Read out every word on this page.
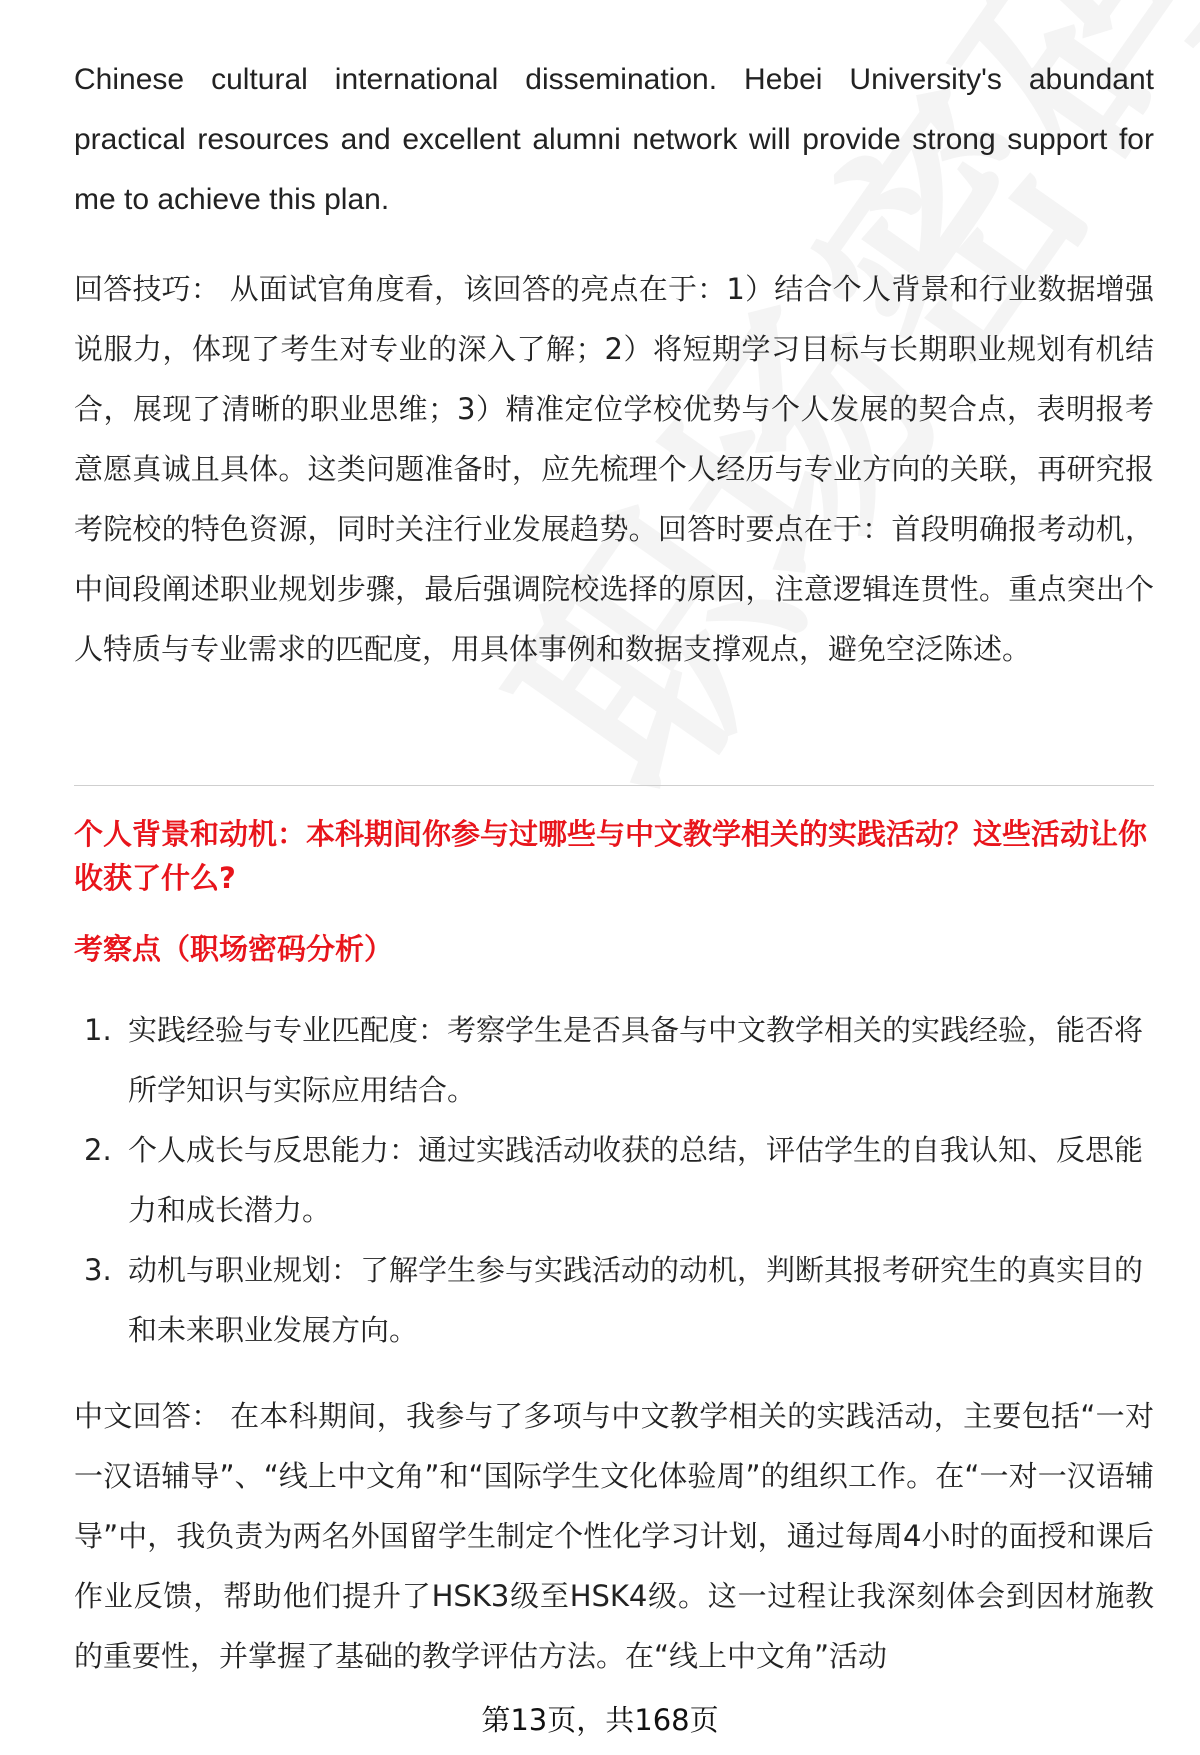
Chinese cultural international dissemination. Hebei University's abundant practical resources and excellent alumni network will provide strong support for me to achieve this plan.

回答技巧： 从面试官角度看，该回答的亮点在于：1）结合个人背景和行业数据增强说服力，体现了考生对专业的深入了解；2）将短期学习目标与长期职业规划有机结合，展现了清晰的职业思维；3）精准定位学校优势与个人发展的契合点，表明报考意愿真诚且具体。这类问题准备时，应先梳理个人经历与专业方向的关联，再研究报考院校的特色资源，同时关注行业发展趋势。回答时要点在于：首段明确报考动机，中间段阐述职业规划步骤，最后强调院校选择的原因，注意逻辑连贯性。重点突出个人特质与专业需求的匹配度，用具体事例和数据支撑观点，避免空泛陈述。

个人背景和动机：本科期间你参与过哪些与中文教学相关的实践活动？这些活动让你收获了什么?

考察点（职场密码分析）

1. 实践经验与专业匹配度：考察学生是否具备与中文教学相关的实践经验，能否将所学知识与实际应用结合。
2. 个人成长与反思能力：通过实践活动收获的总结，评估学生的自我认知、反思能力和成长潜力。
3. 动机与职业规划：了解学生参与实践活动的动机，判断其报考研究生的真实目的和未来职业发展方向。

中文回答： 在本科期间，我参与了多项与中文教学相关的实践活动，主要包括“一对一汉语辅导”、“线上中文角”和“国际学生文化体验周”的组织工作。在“一对一汉语辅导”中，我负责为两名外国留学生制定个性化学习计划，通过每周4小时的面授和课后作业反馈，帮助他们提升了HSK3级至HSK4级。这一过程让我深刻体会到因材施教的重要性，并掌握了基础的教学评估方法。在“线上中文角”活动

第13页，共168页
